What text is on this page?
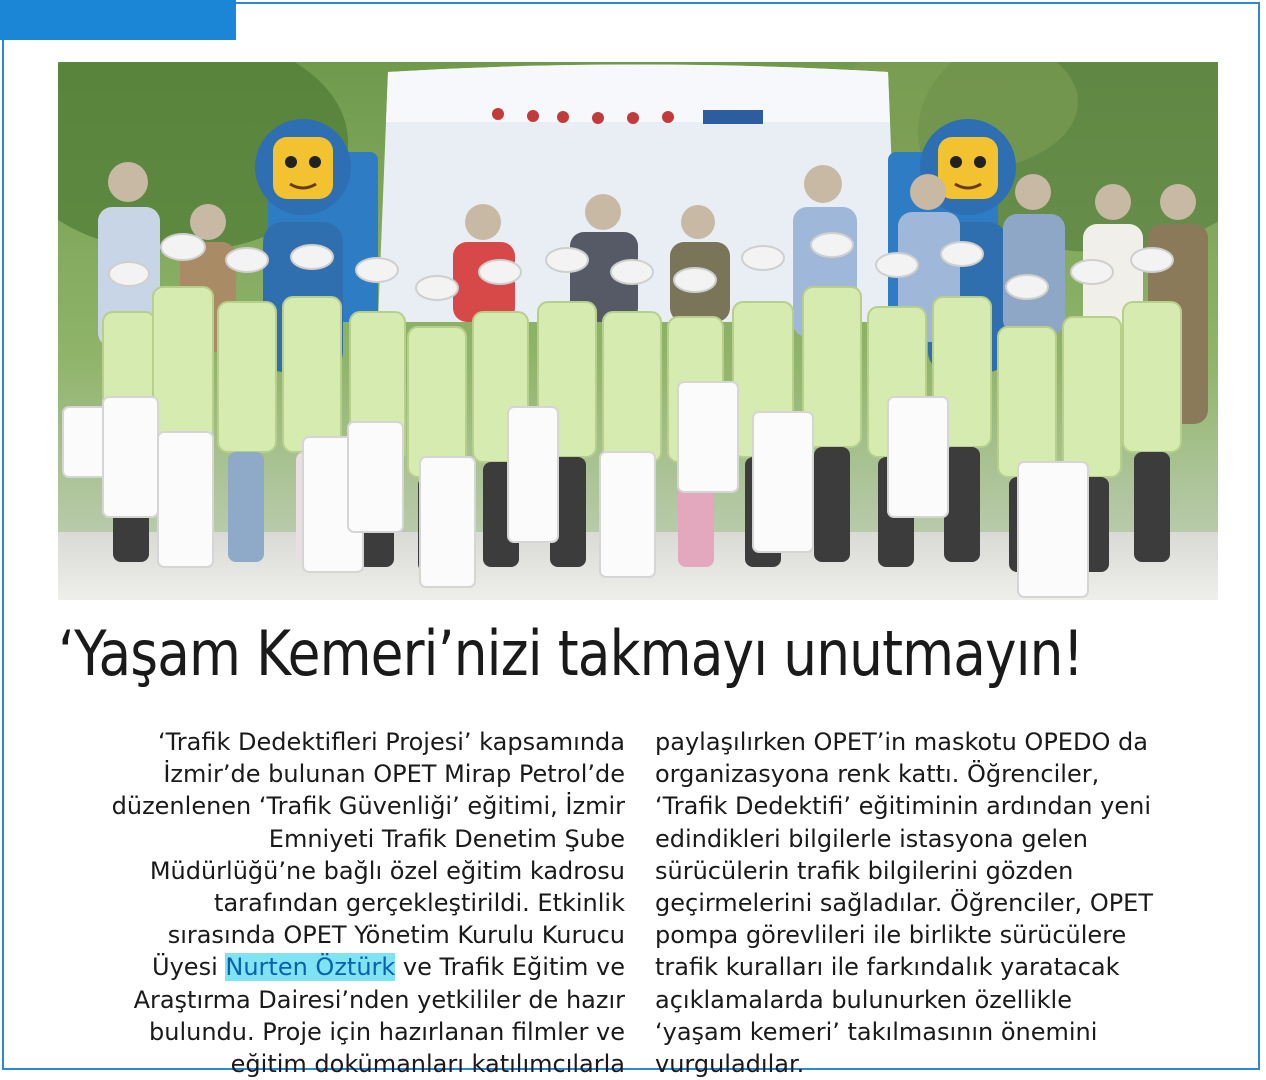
‘Yaşam Kemeri’nizi takmayı unutmayın!
‘Trafik Dedektifleri Projesi’ kapsamında
İzmir’de bulunan OPET Mirap Petrol’de
düzenlenen ‘Trafik Güvenliği’ eğitimi, İzmir
Emniyeti Trafik Denetim Şube
Müdürlüğü’ne bağlı özel eğitim kadrosu
tarafından gerçekleştirildi. Etkinlik
sırasında OPET Yönetim Kurulu Kurucu
Üyesi Nurten Öztürk ve Trafik Eğitim ve
Araştırma Dairesi’nden yetkililer de hazır
bulundu. Proje için hazırlanan filmler ve
eğitim dokümanları katılımcılarla
paylaşılırken OPET’in maskotu OPEDO da
organizasyona renk kattı. Öğrenciler,
‘Trafik Dedektifi’ eğitiminin ardından yeni
edindikleri bilgilerle istasyona gelen
sürücülerin trafik bilgilerini gözden
geçirmelerini sağladılar. Öğrenciler, OPET
pompa görevlileri ile birlikte sürücülere
trafik kuralları ile farkındalık yaratacak
açıklamalarda bulunurken özellikle
‘yaşam kemeri’ takılmasının önemini
vurguladılar.
